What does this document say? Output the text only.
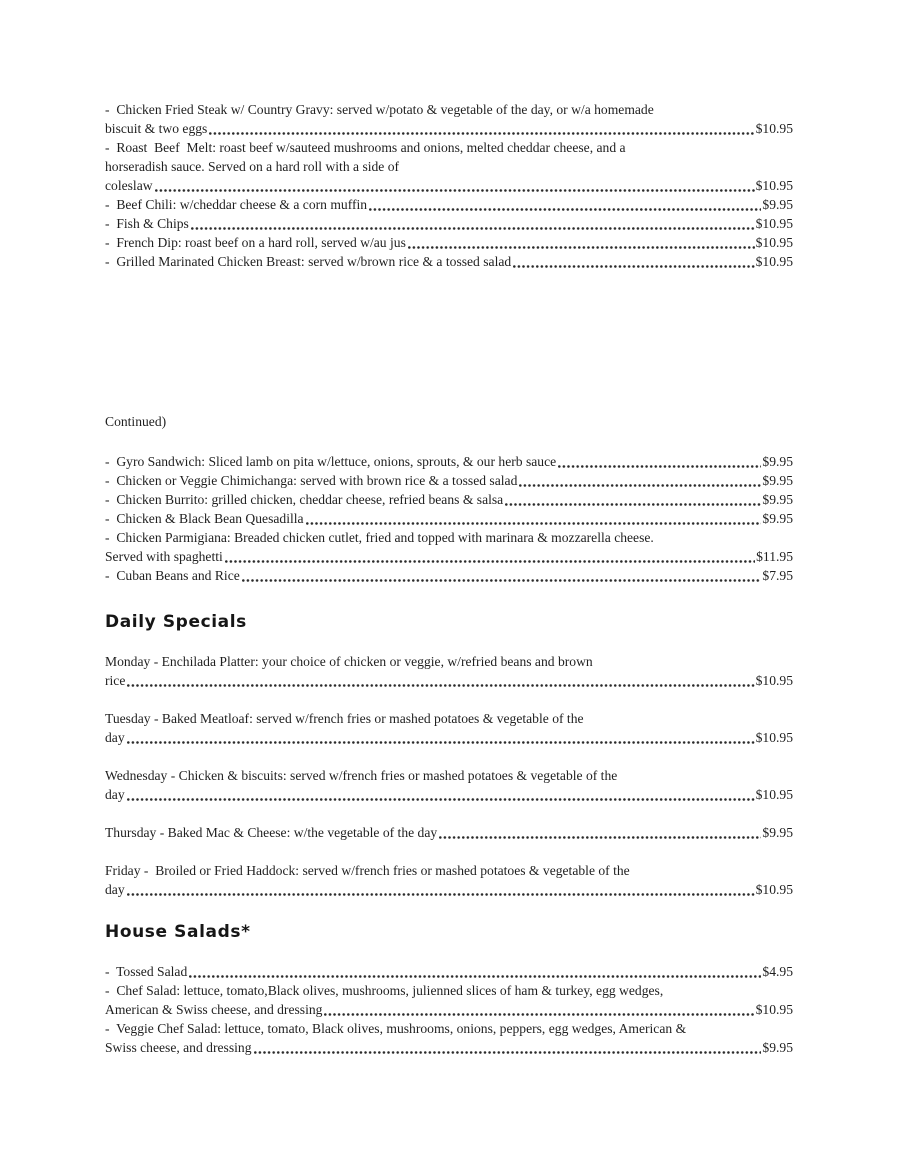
-  Chicken Fried Steak w/ Country Gravy: served w/potato & vegetable of the day, or w/a homemade
biscuit & two eggs	$10.95
-  Roast  Beef  Melt: roast beef w/sauteed mushrooms and onions, melted cheddar cheese, and a
horseradish sauce. Served on a hard roll with a side of
coleslaw	$10.95
-  Beef Chili: w/cheddar cheese & a corn muffin	$9.95
-  Fish & Chips	$10.95
-  French Dip: roast beef on a hard roll, served w/au jus	$10.95
-  Grilled Marinated Chicken Breast: served w/brown rice & a tossed salad	$10.95
Continued)
-  Gyro Sandwich: Sliced lamb on pita w/lettuce, onions, sprouts, & our herb sauce	$9.95
-  Chicken or Veggie Chimichanga: served with brown rice & a tossed salad	$9.95
-  Chicken Burrito: grilled chicken, cheddar cheese, refried beans & salsa	$9.95
-  Chicken & Black Bean Quesadilla	$9.95
-  Chicken Parmigiana: Breaded chicken cutlet, fried and topped with marinara & mozzarella cheese.
Served with spaghetti	$11.95
-  Cuban Beans and Rice	$7.95
Daily Specials
Monday - Enchilada Platter: your choice of chicken or veggie, w/refried beans and brown
rice	$10.95
Tuesday - Baked Meatloaf: served w/french fries or mashed potatoes & vegetable of the
day	$10.95
Wednesday - Chicken & biscuits: served w/french fries or mashed potatoes & vegetable of the
day	$10.95
Thursday - Baked Mac & Cheese: w/the vegetable of the day	$9.95
Friday -  Broiled or Fried Haddock: served w/french fries or mashed potatoes & vegetable of the
day	$10.95
House Salads*
-  Tossed Salad	$4.95
-  Chef Salad: lettuce, tomato,Black olives, mushrooms, julienned slices of ham & turkey, egg wedges,
American & Swiss cheese, and dressing	$10.95
-  Veggie Chef Salad: lettuce, tomato, Black olives, mushrooms, onions, peppers, egg wedges, American &
Swiss cheese, and dressing	$9.95
